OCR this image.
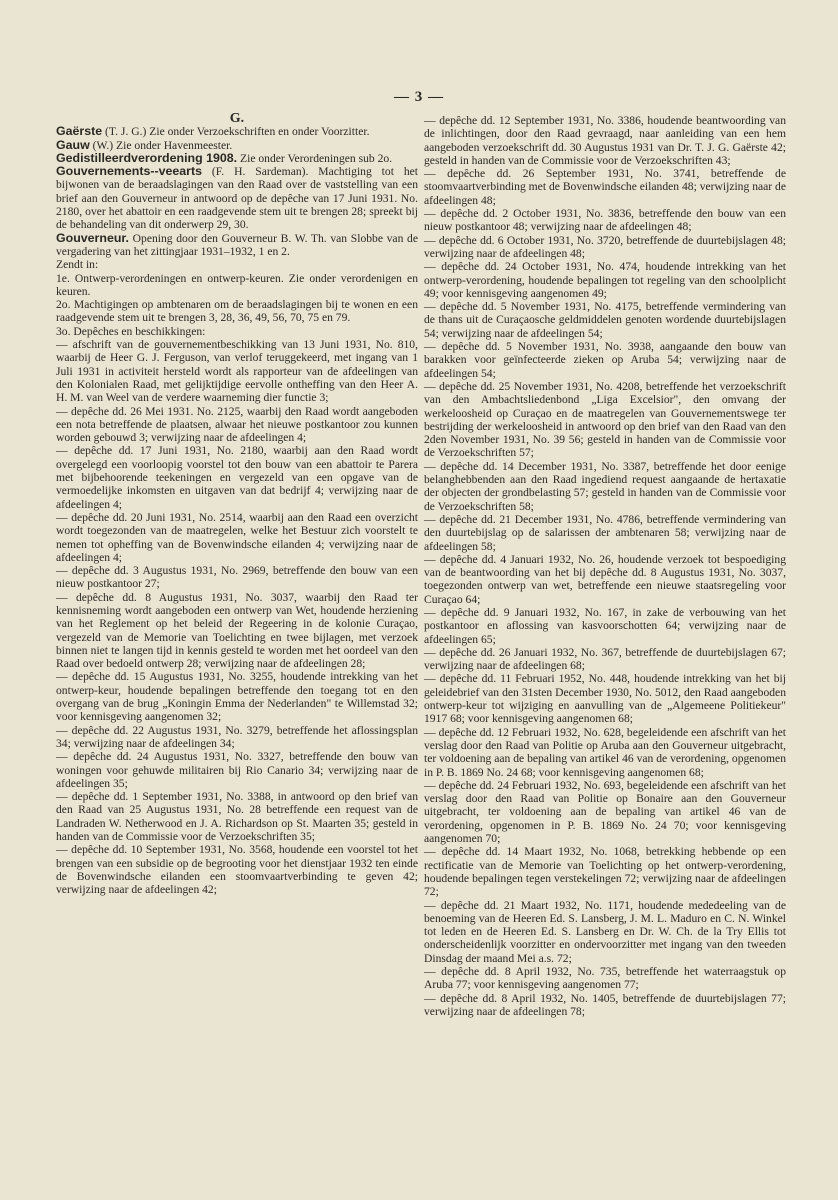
— 3 —

G.

Gaërste (T. J. G.) Zie onder Verzoekschriften en onder Voorzitter.

Gauw (W.) Zie onder Havenmeester.

Gedistilleerdverordening 1908. Zie onder Verordeningen sub 2o.

Gouvernements--veearts (F. H. Sardeman). Machtiging tot het bijwonen van de beraadslagingen van den Raad over de vaststelling van een brief aan den Gouverneur in antwoord op de depêche van 17 Juni 1931. No. 2180, over het abattoir en een raadgevende stem uit te brengen 28; spreekt bij de behandeling van dit onderwerp 29, 30.

Gouverneur. Opening door den Gouverneur B. W. Th. van Slobbe van de vergadering van het zittingjaar 1931–1932, 1 en 2.

Zendt in:

1e. Ontwerp-verordeningen en ontwerp-keuren. Zie onder verordenigen en keuren.

2o. Machtigingen op ambtenaren om de beraadslagingen bij te wonen en een raadgevende stem uit te brengen 3, 28, 36, 49, 56, 70, 75 en 79.

3o. Depêches en beschikkingen:

— afschrift van de gouvernementbeschikking van 13 Juni 1931, No. 810, waarbij de Heer G. J. Ferguson, van verlof teruggekeerd, met ingang van 1 Juli 1931 in activiteit hersteld wordt als rapporteur van de afdeelingen van den Kolonialen Raad, met gelijktijdige eervolle ontheffing van den Heer A. H. M. van Weel van de verdere waarneming dier functie 3;

— depêche dd. 26 Mei 1931. No. 2125, waarbij den Raad wordt aangeboden een nota betreffende de plaatsen, alwaar het nieuwe postkantoor zou kunnen worden gebouwd 3; verwijzing naar de afdeelingen 4;

— depêche dd. 17 Juni 1931, No. 2180, waarbij aan den Raad wordt overgelegd een voorloopig voorstel tot den bouw van een abattoir te Parera met bijbehoorende teekeningen en vergezeld van een opgave van de vermoedelijke inkomsten en uitgaven van dat bedrijf 4; verwijzing naar de afdeelingen 4;

— depêche dd. 20 Juni 1931, No. 2514, waarbij aan den Raad een overzicht wordt toegezonden van de maatregelen, welke het Bestuur zich voorstelt te nemen tot opheffing van de Bovenwindsche eilanden 4; verwijzing naar de afdeelingen 4;

— depêche dd. 3 Augustus 1931, No. 2969, betreffende den bouw van een nieuw postkantoor 27;

— depêche dd. 8 Augustus 1931, No. 3037, waarbij den Raad ter kennisneming wordt aangeboden een ontwerp van Wet, houdende herziening van het Reglement op het beleid der Regeering in de kolonie Curaçao, vergezeld van de Memorie van Toelichting en twee bijlagen, met verzoek binnen niet te langen tijd in kennis gesteld te worden met het oordeel van den Raad over bedoeld ontwerp 28; verwijzing naar de afdeelingen 28;

— depêche dd. 15 Augustus 1931, No. 3255, houdende intrekking van het ontwerp-keur, houdende bepalingen betreffende den toegang tot en den overgang van de brug „Koningin Emma der Nederlanden" te Willemstad 32; voor kennisgeving aangenomen 32;

— depêche dd. 22 Augustus 1931, No. 3279, betreffende het aflossingsplan 34; verwijzing naar de afdeelingen 34;

— depêche dd. 24 Augustus 1931, No. 3327, betreffende den bouw van woningen voor gehuwde militairen bij Rio Canario 34; verwijzing naar de afdeelingen 35;

— depêche dd. 1 September 1931, No. 3388, in antwoord op den brief van den Raad van 25 Augustus 1931, No. 28 betreffende een request van de Landraden W. Netherwood en J. A. Richardson op St. Maarten 35; gesteld in handen van de Commissie voor de Verzoekschriften 35;

— depêche dd. 10 September 1931, No. 3568, houdende een voorstel tot het brengen van een subsidie op de begrooting voor het dienstjaar 1932 ten einde de Bovenwindsche eilanden een stoomvaartverbinding te geven 42; verwijzing naar de afdeelingen 42;

— depêche dd. 12 September 1931, No. 3386, houdende beantwoording van de inlichtingen, door den Raad gevraagd, naar aanleiding van een hem aangeboden verzoekschrift dd. 30 Augustus 1931 van Dr. T. J. G. Gaërste 42; gesteld in handen van de Commissie voor de Verzoekschriften 43;

— depêche dd. 26 September 1931, No. 3741, betreffende de stoomvaartverbinding met de Bovenwindsche eilanden 48; verwijzing naar de afdeelingen 48;

— depêche dd. 2 October 1931, No. 3836, betreffende den bouw van een nieuw postkantoor 48; verwijzing naar de afdeelingen 48;

— depêche dd. 6 October 1931, No. 3720, betreffende de duurtebijslagen 48; verwijzing naar de afdeelingen 48;

— depêche dd. 24 October 1931, No. 474, houdende intrekking van het ontwerp-verordening, houdende bepalingen tot regeling van den schoolplicht 49; voor kennisgeving aangenomen 49;

— depêche dd. 5 November 1931, No. 4175, betreffende vermindering van de thans uit de Curaçaosche geldmiddelen genoten wordende duurtebijslagen 54; verwijzing naar de afdeelingen 54;

— depêche dd. 5 November 1931, No. 3938, aangaande den bouw van barakken voor geïnfecteerde zieken op Aruba 54; verwijzing naar de afdeelingen 54;

— depêche dd. 25 November 1931, No. 4208, betreffende het verzoekschrift van den Ambachtsliedenbond „Liga Excelsior", den omvang der werkeloosheid op Curaçao en de maatregelen van Gouvernementswege ter bestrijding der werkeloosheid in antwoord op den brief van den Raad van den 2den November 1931, No. 39 56; gesteld in handen van de Commissie voor de Verzoekschriften 57;

— depêche dd. 14 December 1931, No. 3387, betreffende het door eenige belanghebbenden aan den Raad ingediend request aangaande de hertaxatie der objecten der grondbelasting 57; gesteld in handen van de Commissie voor de Verzoekschriften 58;

— depêche dd. 21 December 1931, No. 4786, betreffende vermindering van den duurtebijslag op de salarissen der ambtenaren 58; verwijzing naar de afdeelingen 58;

— depêche dd. 4 Januari 1932, No. 26, houdende verzoek tot bespoediging van de beantwoording van het bij depêche dd. 8 Augustus 1931, No. 3037, toegezonden ontwerp van wet, betreffende een nieuwe staatsregeling voor Curaçao 64;

— depêche dd. 9 Januari 1932, No. 167, in zake de verbouwing van het postkantoor en aflossing van kasvoorschotten 64; verwijzing naar de afdeelingen 65;

— depêche dd. 26 Januari 1932, No. 367, betreffende de duurtebijslagen 67; verwijzing naar de afdeelingen 68;

— depêche dd. 11 Februari 1952, No. 448, houdende intrekking van het bij geleidebrief van den 31sten December 1930, No. 5012, den Raad aangeboden ontwerp-keur tot wijziging en aanvulling van de „Algemeene Politiekeur" 1917 68; voor kennisgeving aangenomen 68;

— depêche dd. 12 Februari 1932, No. 628, begeleidende een afschrift van het verslag door den Raad van Politie op Aruba aan den Gouverneur uitgebracht, ter voldoening aan de bepaling van artikel 46 van de verordening, opgenomen in P. B. 1869 No. 24 68; voor kennisgeving aangenomen 68;

— depêche dd. 24 Februari 1932, No. 693, begeleidende een afschrift van het verslag door den Raad van Politie op Bonaire aan den Gouverneur uitgebracht, ter voldoening aan de bepaling van artikel 46 van de verordening, opgenomen in P. B. 1869 No. 24 70; voor kennisgeving aangenomen 70;

— depêche dd. 14 Maart 1932, No. 1068, betrekking hebbende op een rectificatie van de Memorie van Toelichting op het ontwerp-verordening, houdende bepalingen tegen verstekelingen 72; verwijzing naar de afdeelingen 72;

— depêche dd. 21 Maart 1932, No. 1171, houdende mededeeling van de benoeming van de Heeren Ed. S. Lansberg, J. M. L. Maduro en C. N. Winkel tot leden en de Heeren Ed. S. Lansberg en Dr. W. Ch. de la Try Ellis tot onderscheidenlijk voorzitter en ondervoorzitter met ingang van den tweeden Dinsdag der maand Mei a.s. 72;

— depêche dd. 8 April 1932, No. 735, betreffende het waterraagstuk op Aruba 77; voor kennisgeving aangenomen 77;

— depêche dd. 8 April 1932, No. 1405, betreffende de duurtebijslagen 77; verwijzing naar de afdeelingen 78;
